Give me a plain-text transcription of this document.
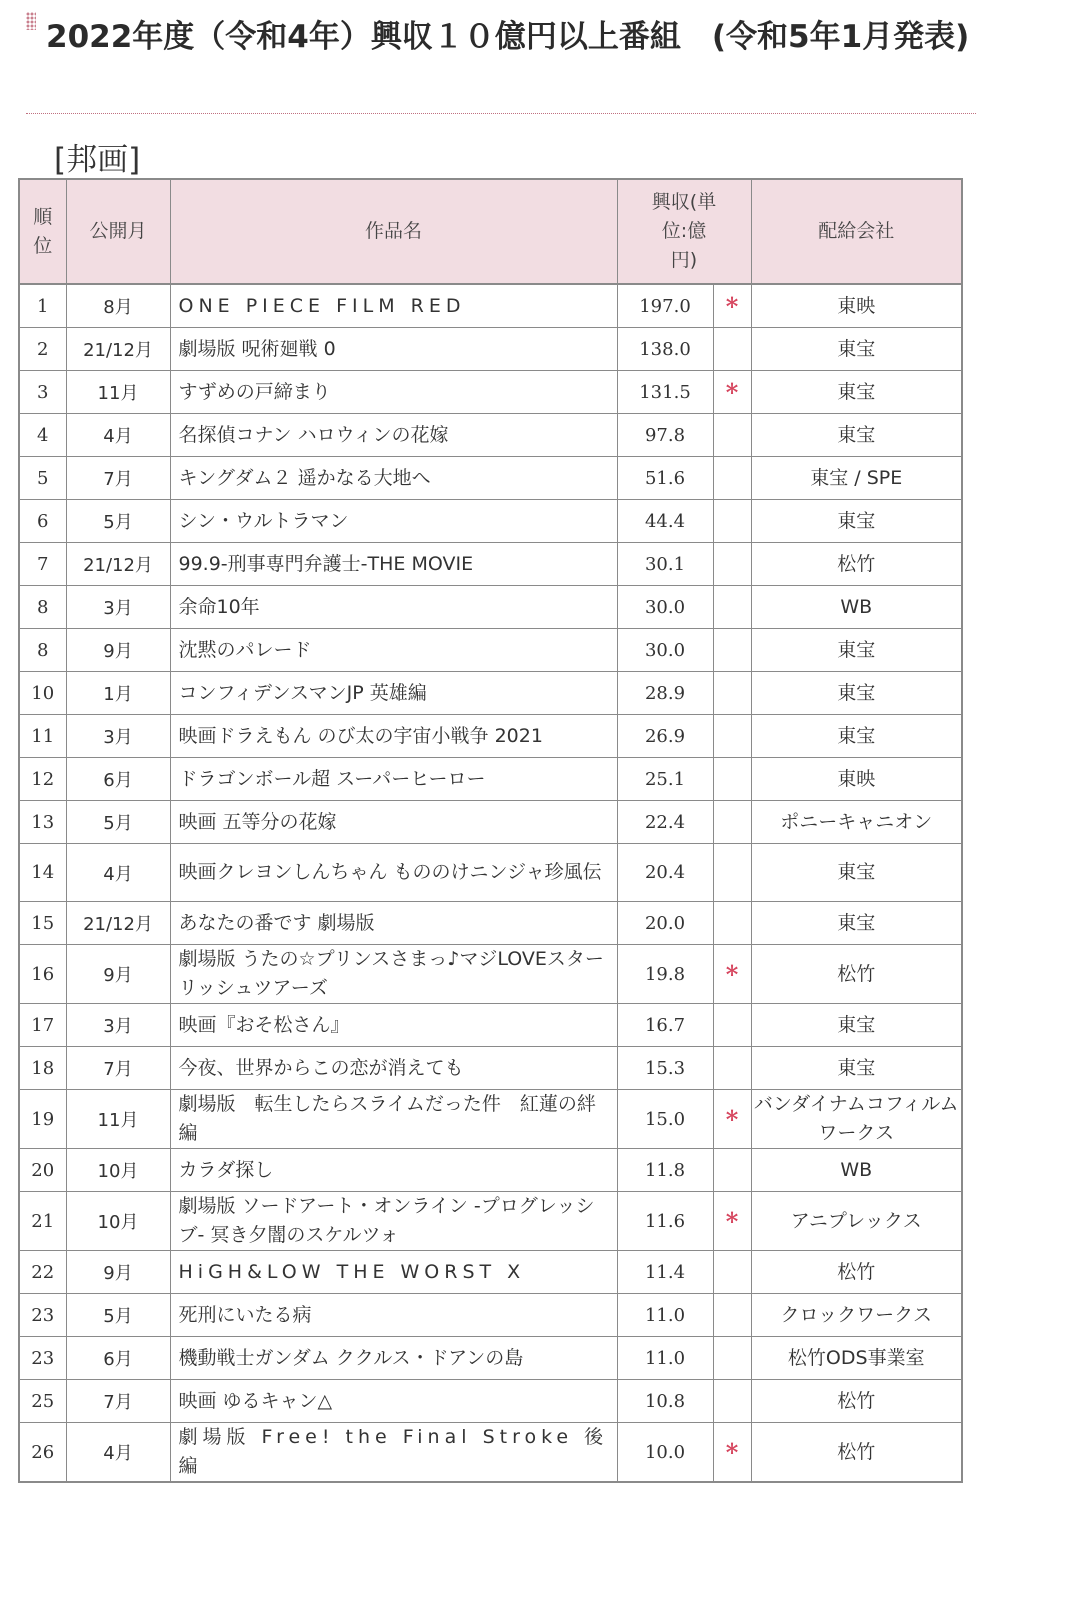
2022年度（令和4年）興収１０億円以上番組　(令和5年1月発表)
[邦画]
順位	公開月	作品名	興収(単位:億円)		配給会社
1	8月	ONE PIECE FILM RED	197.0	*	東映
2	21/12月	劇場版 呪術廻戦 0	138.0		東宝
3	11月	すずめの戸締まり	131.5	*	東宝
4	4月	名探偵コナン ハロウィンの花嫁	97.8		東宝
5	7月	キングダム２ 遥かなる大地へ	51.6		東宝 / SPE
6	5月	シン・ウルトラマン	44.4		東宝
7	21/12月	99.9-刑事専門弁護士-THE MOVIE	30.1		松竹
8	3月	余命10年	30.0		WB
8	9月	沈黙のパレード	30.0		東宝
10	1月	コンフィデンスマンJP 英雄編	28.9		東宝
11	3月	映画ドラえもん のび太の宇宙小戦争 2021	26.9		東宝
12	6月	ドラゴンボール超 スーパーヒーロー	25.1		東映
13	5月	映画 五等分の花嫁	22.4		ポニーキャニオン
14	4月	映画クレヨンしんちゃん もののけニンジャ珍風伝	20.4		東宝
15	21/12月	あなたの番です 劇場版	20.0		東宝
16	9月	劇場版 うたの☆プリンスさまっ♪マジLOVEスターリッシュツアーズ	19.8	*	松竹
17	3月	映画『おそ松さん』	16.7		東宝
18	7月	今夜、世界からこの恋が消えても	15.3		東宝
19	11月	劇場版　転生したらスライムだった件　紅蓮の絆編	15.0	*	バンダイナムコフィルムワークス
20	10月	カラダ探し	11.8		WB
21	10月	劇場版 ソードアート・オンライン -プログレッシブ- 冥き夕闇のスケルツォ	11.6	*	アニプレックス
22	9月	HiGH&LOW THE WORST X	11.4		松竹
23	5月	死刑にいたる病	11.0		クロックワークス
23	6月	機動戦士ガンダム ククルス・ドアンの島	11.0		松竹ODS事業室
25	7月	映画 ゆるキャン△	10.8		松竹
26	4月	劇場版 Free! the Final Stroke 後編	10.0	*	松竹
